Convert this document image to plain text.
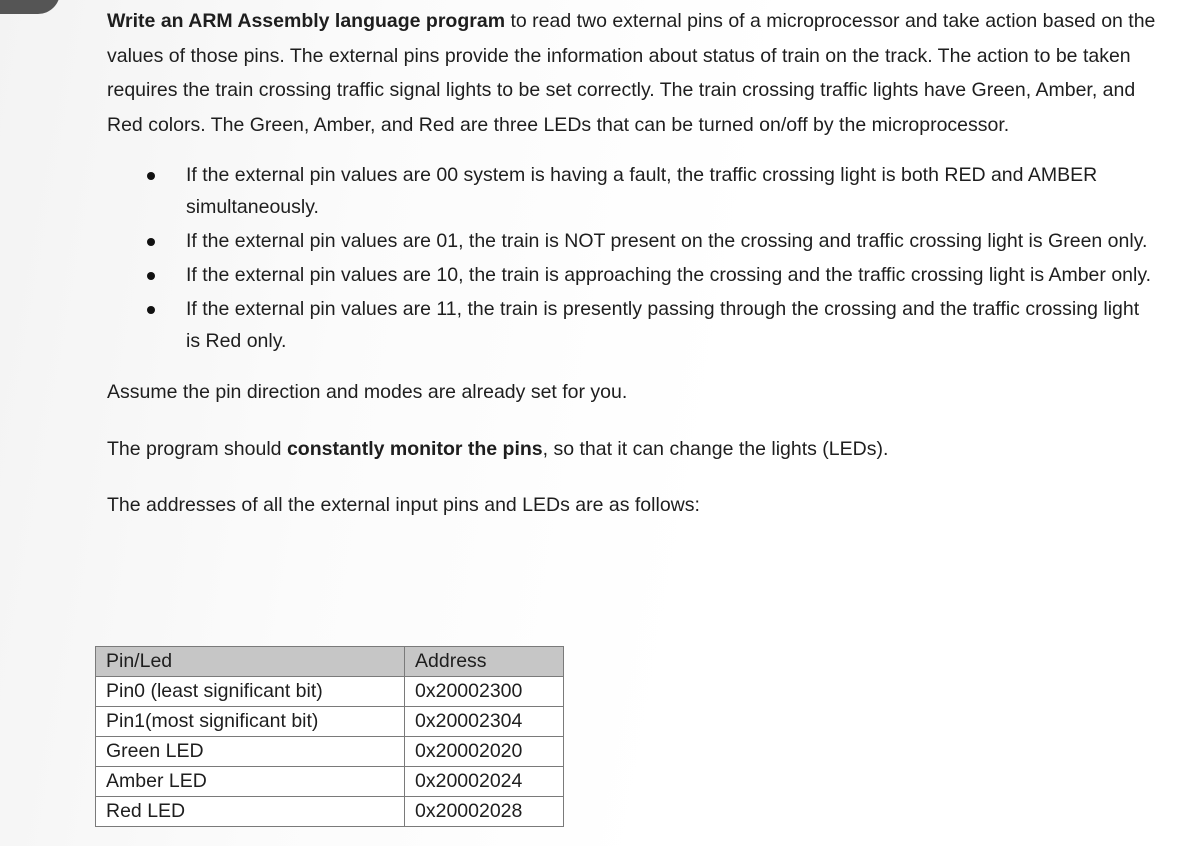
Write an ARM Assembly language program to read two external pins of a microprocessor and take action based on the values of those pins. The external pins provide the information about status of train on the track. The action to be taken requires the train crossing traffic signal lights to be set correctly. The train crossing traffic lights have Green, Amber, and Red colors. The Green, Amber, and Red are three LEDs that can be turned on/off by the microprocessor.

If the external pin values are 00 system is having a fault, the traffic crossing light is both RED and AMBER simultaneously.
If the external pin values are 01, the train is NOT present on the crossing and traffic crossing light is Green only.
If the external pin values are 10, the train is approaching the crossing and the traffic crossing light is Amber only.
If the external pin values are 11, the train is presently passing through the crossing and the traffic crossing light is Red only.

Assume the pin direction and modes are already set for you.

The program should constantly monitor the pins, so that it can change the lights (LEDs).

The addresses of all the external input pins and LEDs are as follows:

Pin/Led	Address
Pin0 (least significant bit)	0x20002300
Pin1(most significant bit)	0x20002304
Green LED	0x20002020
Amber LED	0x20002024
Red LED	0x20002028
